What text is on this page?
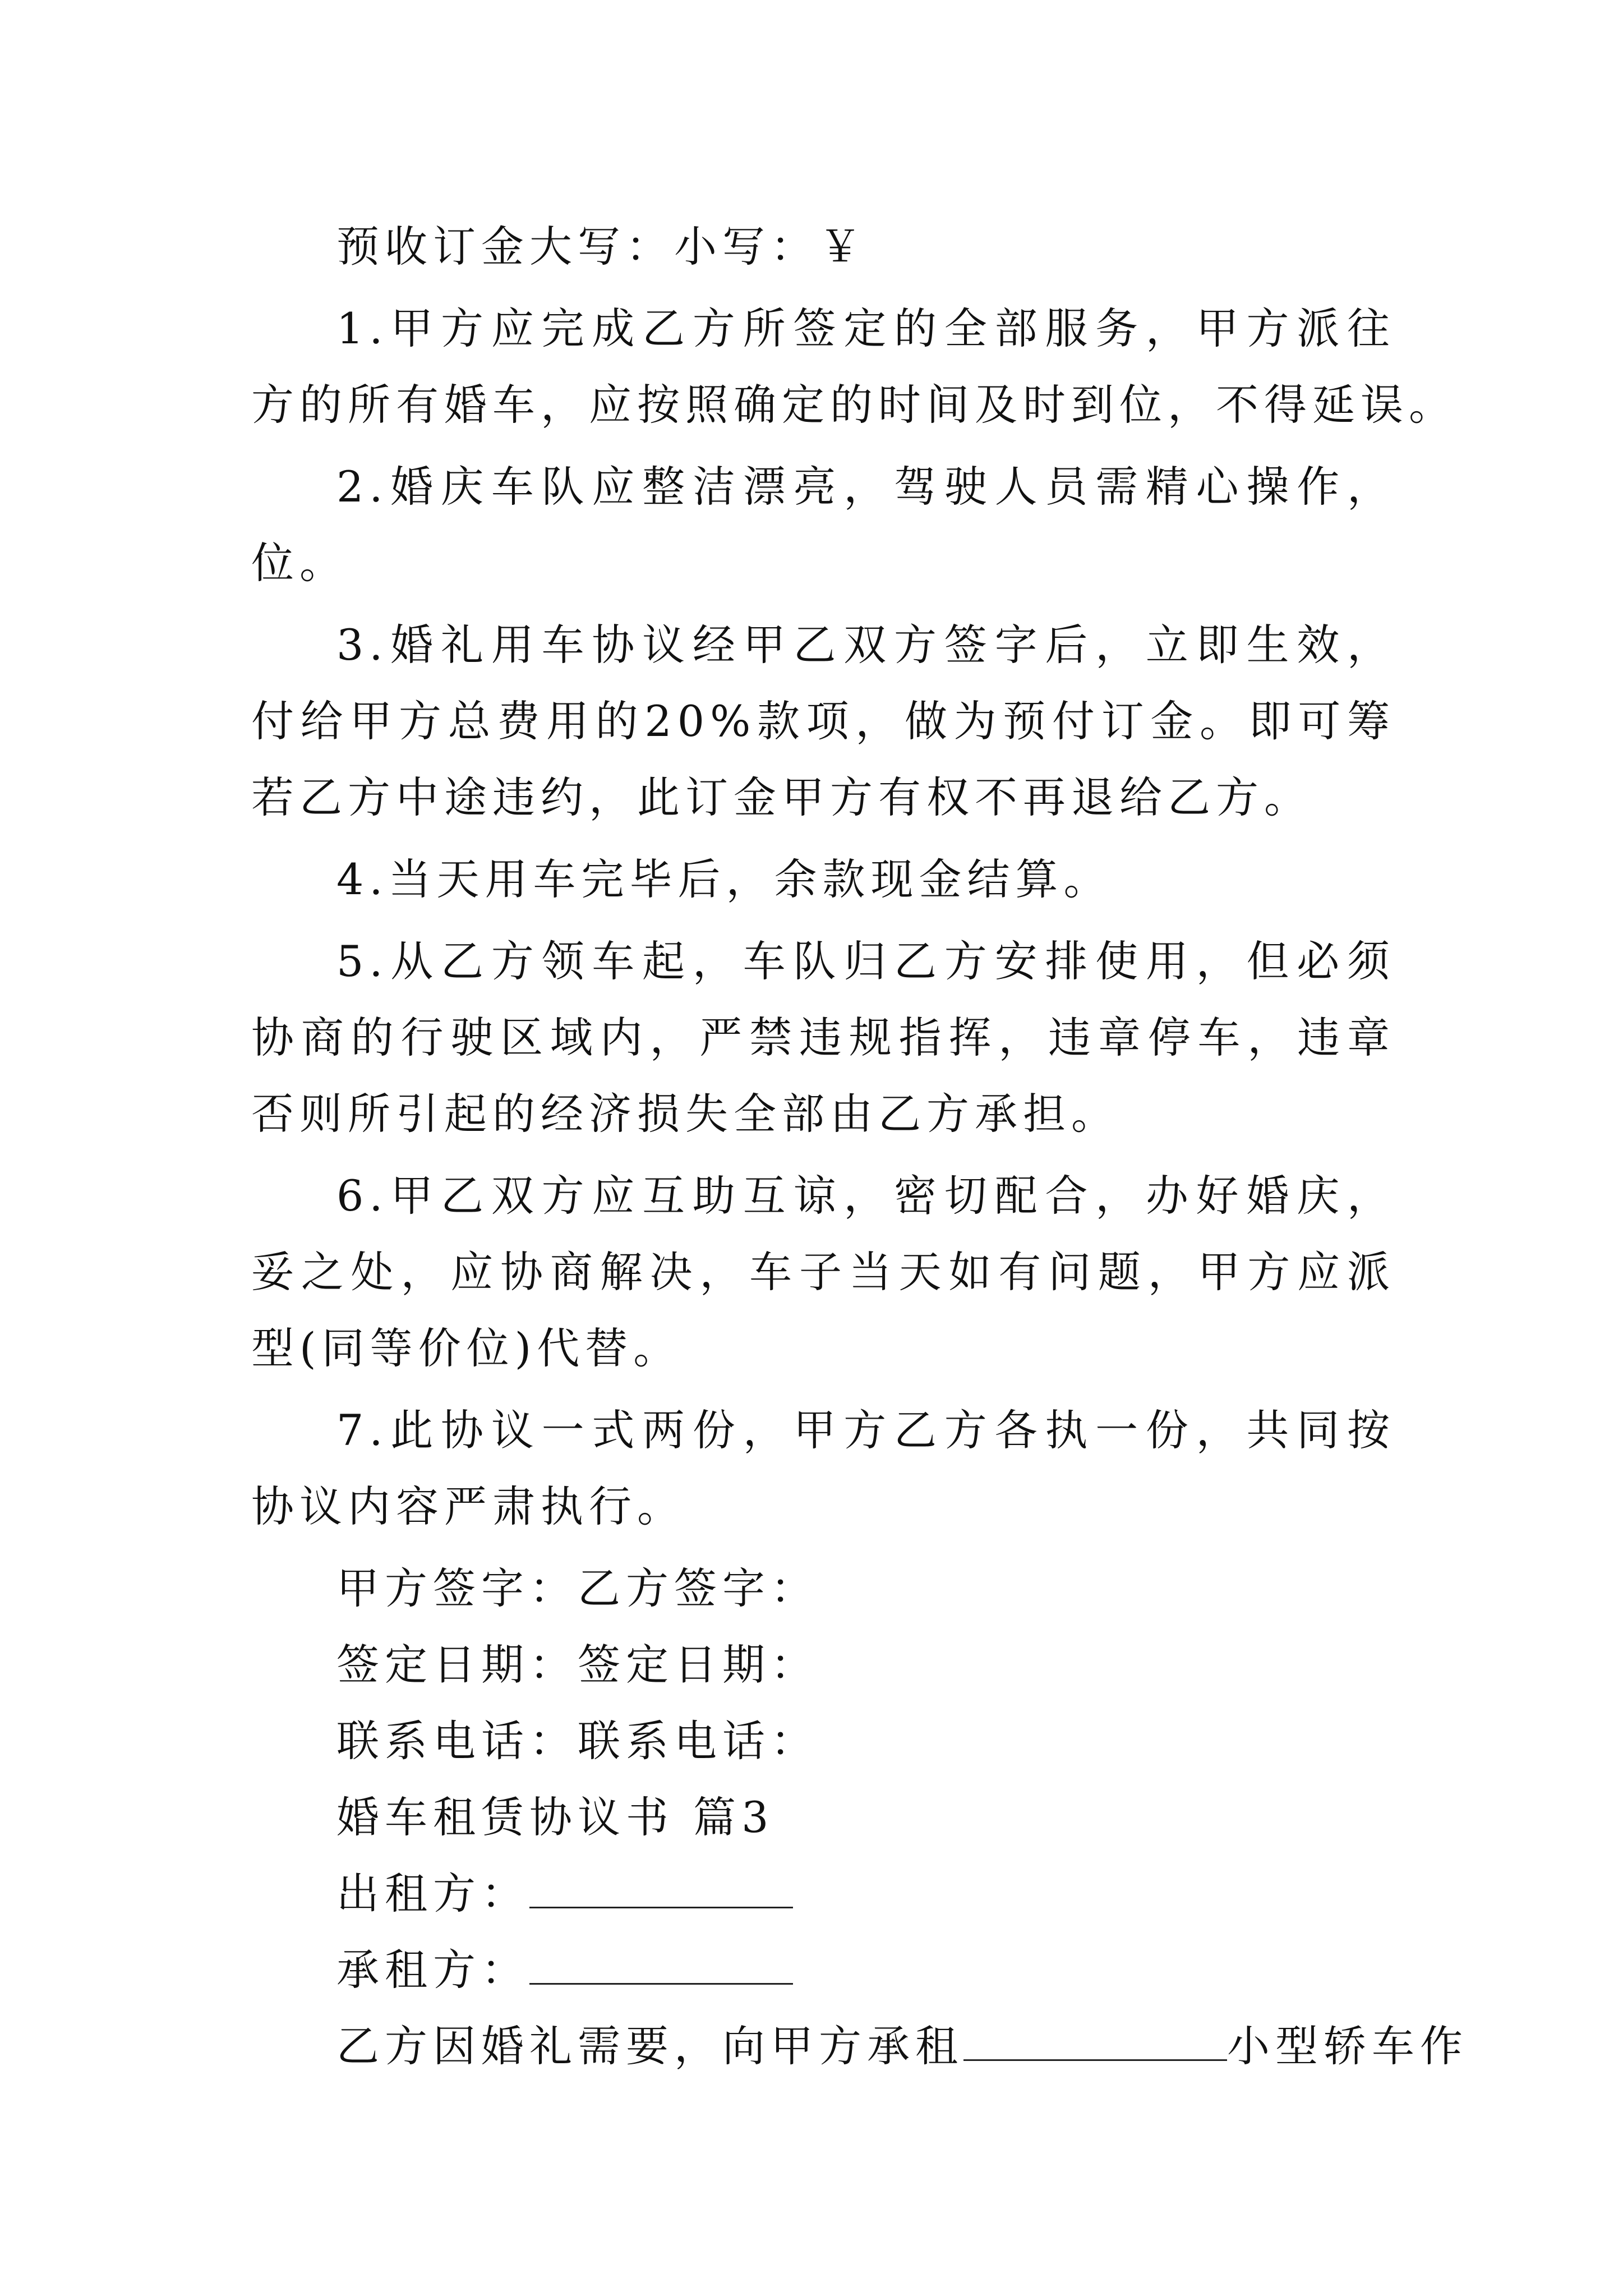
预收订金大写：小写：￥
1.甲方应完成乙方所签定的全部服务，甲方派往
方的所有婚车，应按照确定的时间及时到位，不得延误。
2.婚庆车队应整洁漂亮，驾驶人员需精心操作，
位。
3.婚礼用车协议经甲乙双方签字后，立即生效，
付给甲方总费用的20%款项，做为预付订金。即可筹
若乙方中途违约，此订金甲方有权不再退给乙方。
4.当天用车完毕后，余款现金结算。
5.从乙方领车起，车队归乙方安排使用，但必须
协商的行驶区域内，严禁违规指挥，违章停车，违章
否则所引起的经济损失全部由乙方承担。
6.甲乙双方应互助互谅，密切配合，办好婚庆，
妥之处，应协商解决，车子当天如有问题，甲方应派
型(同等价位)代替。
7.此协议一式两份，甲方乙方各执一份，共同按
协议内容严肃执行。
甲方签字：乙方签字：
签定日期：签定日期：
联系电话：联系电话：
婚车租赁协议书 篇3
出租方：
承租方：
乙方因婚礼需要，向甲方承租	小型轿车作
